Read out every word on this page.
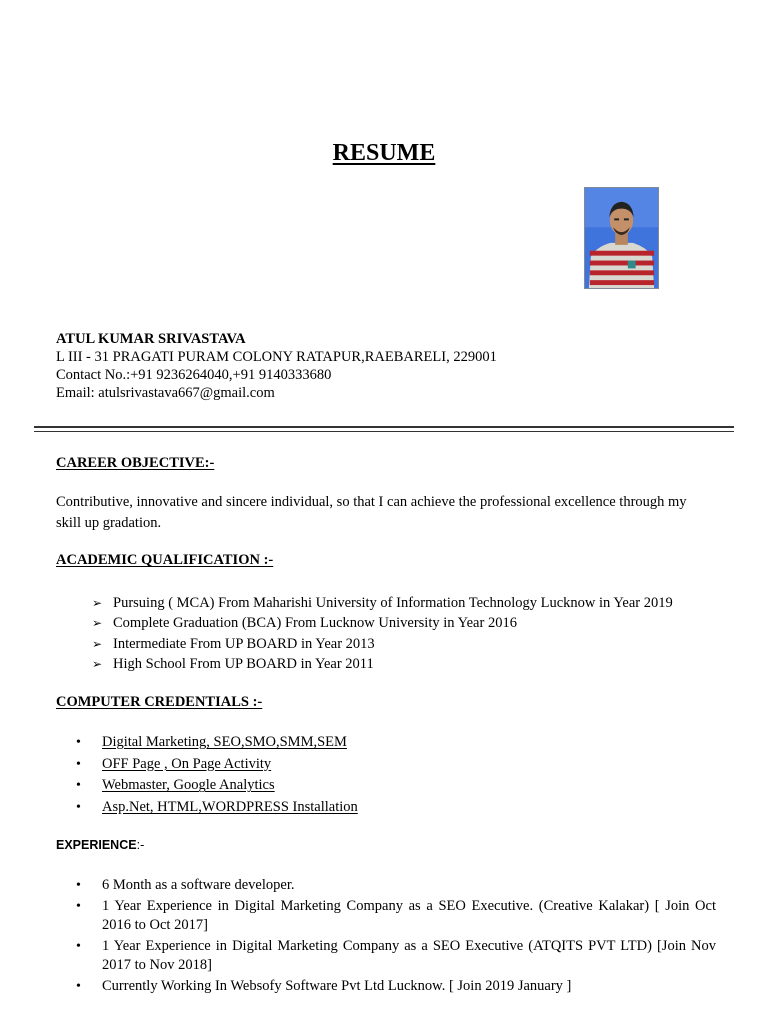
RESUME
ATUL KUMAR SRIVASTAVA
L III - 31 PRAGATI PURAM COLONY RATAPUR,RAEBARELI, 229001
Contact No.:+91 9236264040,+91 9140333680
Email: atulsrivastava667@gmail.com
CAREER OBJECTIVE:-
Contributive, innovative and sincere individual, so that I can achieve the professional excellence through my
skill up gradation.
ACADEMIC QUALIFICATION :-
➢ Pursuing ( MCA) From Maharishi University of Information Technology Lucknow in Year 2019
➢ Complete Graduation (BCA) From Lucknow University in Year 2016
➢ Intermediate From UP BOARD in Year 2013
➢ High School From UP BOARD in Year 2011
COMPUTER CREDENTIALS :-
•	Digital Marketing, SEO,SMO,SMM,SEM
•	OFF Page , On Page Activity
•	Webmaster, Google Analytics
•	Asp.Net, HTML,WORDPRESS Installation
EXPERIENCE:-
•	6 Month as a software developer.
•	1 Year Experience in Digital Marketing Company as a SEO Executive. (Creative Kalakar) [ Join Oct 2016 to Oct 2017]
•	1 Year Experience in Digital Marketing Company as a SEO Executive (ATQITS PVT LTD) [Join Nov 2017 to Nov 2018]
•	Currently Working In Websofy Software Pvt Ltd Lucknow. [ Join 2019 January ]
